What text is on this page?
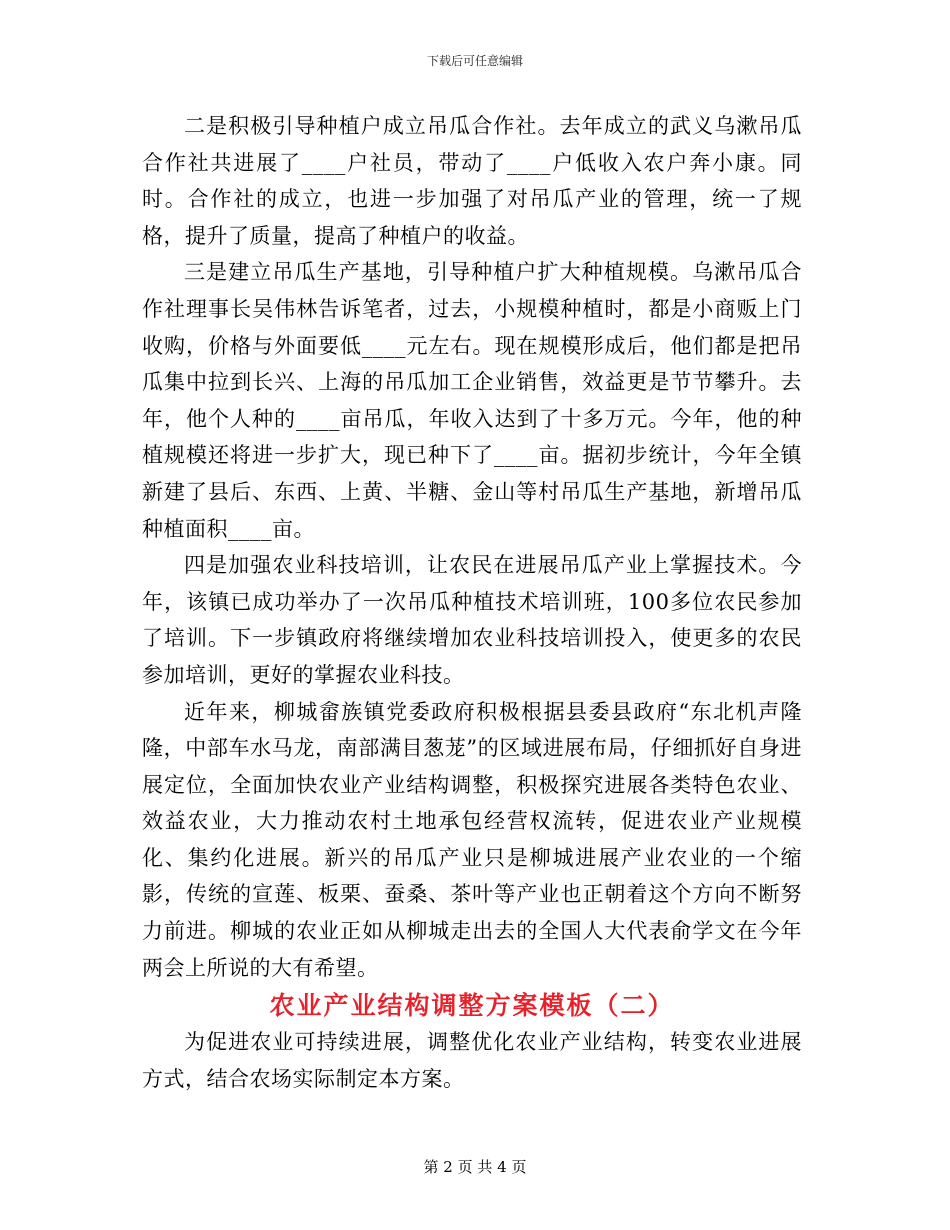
下载后可任意编辑

二是积极引导种植户成立吊瓜合作社。去年成立的武义乌漱吊瓜合作社共进展了____户社员，带动了____户低收入农户奔小康。同时。合作社的成立，也进一步加强了对吊瓜产业的管理，统一了规格，提升了质量，提高了种植户的收益。

三是建立吊瓜生产基地，引导种植户扩大种植规模。乌漱吊瓜合作社理事长吴伟林告诉笔者，过去，小规模种植时，都是小商贩上门收购，价格与外面要低____元左右。现在规模形成后，他们都是把吊瓜集中拉到长兴、上海的吊瓜加工企业销售，效益更是节节攀升。去年，他个人种的____亩吊瓜，年收入达到了十多万元。今年，他的种植规模还将进一步扩大，现已种下了____亩。据初步统计，今年全镇新建了县后、东西、上黄、半糖、金山等村吊瓜生产基地，新增吊瓜种植面积____亩。

四是加强农业科技培训，让农民在进展吊瓜产业上掌握技术。今年，该镇已成功举办了一次吊瓜种植技术培训班，100多位农民参加了培训。下一步镇政府将继续增加农业科技培训投入，使更多的农民参加培训，更好的掌握农业科技。

近年来，柳城畲族镇党委政府积极根据县委县政府“东北机声隆隆，中部车水马龙，南部满目葱茏”的区域进展布局，仔细抓好自身进展定位，全面加快农业产业结构调整，积极探究进展各类特色农业、效益农业，大力推动农村土地承包经营权流转，促进农业产业规模化、集约化进展。新兴的吊瓜产业只是柳城进展产业农业的一个缩影，传统的宣莲、板栗、蚕桑、茶叶等产业也正朝着这个方向不断努力前进。柳城的农业正如从柳城走出去的全国人大代表俞学文在今年两会上所说的大有希望。

农业产业结构调整方案模板（二）

为促进农业可持续进展，调整优化农业产业结构，转变农业进展方式，结合农场实际制定本方案。

第 2 页 共 4 页
